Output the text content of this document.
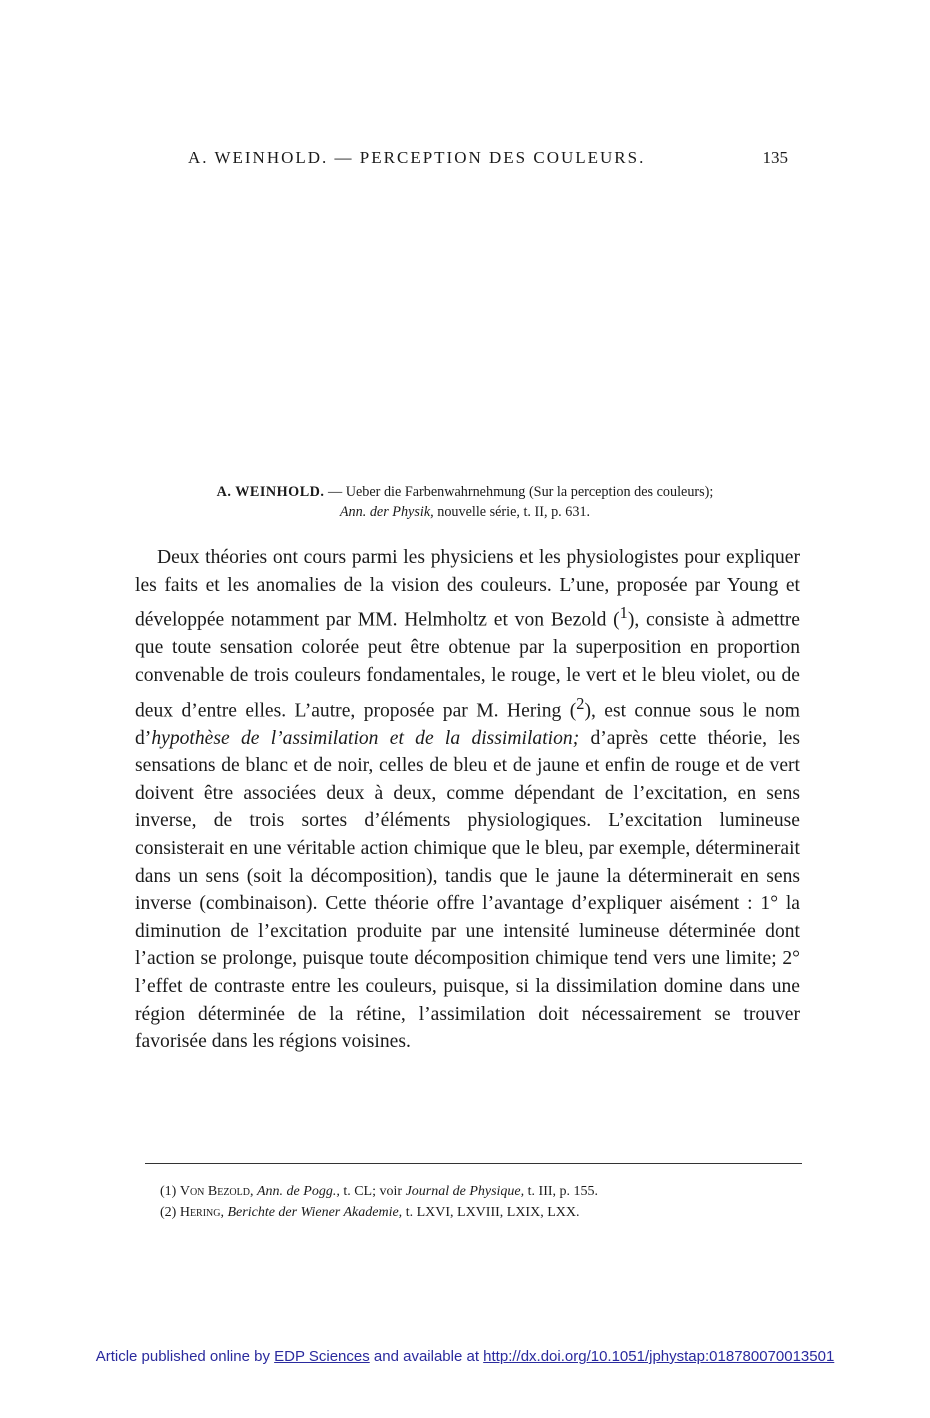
A. WEINHOLD. — PERCEPTION DES COULEURS.	135
A. WEINHOLD. — Ueber die Farbenwahrnehmung (Sur la perception des couleurs);
Ann. der Physik, nouvelle série, t. II, p. 631.

Deux théories ont cours parmi les physiciens et les physiologistes pour expliquer les faits et les anomalies de la vision des couleurs. L’une, proposée par Young et développée notamment par MM. Helmholtz et von Bezold ($^1$), consiste à admettre que toute sensation colorée peut être obtenue par la superposition en proportion convenable de trois couleurs fondamentales, le rouge, le vert et le bleu violet, ou de deux d’entre elles. L’autre, proposée par M. Hering ($^2$), est connue sous le nom d’hypothèse de l’assimilation et de la dissimilation; d’après cette théorie, les sensations de blanc et de noir, celles de bleu et de jaune et enfin de rouge et de vert doivent être associées deux à deux, comme dépendant de l’excitation, en sens inverse, de trois sortes d’éléments physiologiques. L’excitation lumineuse consisterait en une véritable action chimique que le bleu, par exemple, déterminerait dans un sens (soit la décomposition), tandis que le jaune la déterminerait en sens inverse (combinaison). Cette théorie offre l’avantage d’expliquer aisément : 1° la diminution de l’excitation produite par une intensité lumineuse déterminée dont l’action se prolonge, puisque toute décomposition chimique tend vers une limite; 2° l’effet de contraste entre les couleurs, puisque, si la dissimilation domine dans une région déterminée de la rétine, l’assimilation doit nécessairement se trouver favorisée dans les régions voisines.

(1) Von Bezold, Ann. de Pogg., t. CL; voir Journal de Physique, t. III, p. 155.
(2) Hering, Berichte der Wiener Akademie, t. LXVI, LXVIII, LXIX, LXX.
Article published online by EDP Sciences and available at http://dx.doi.org/10.1051/jphystap:018780070013501
